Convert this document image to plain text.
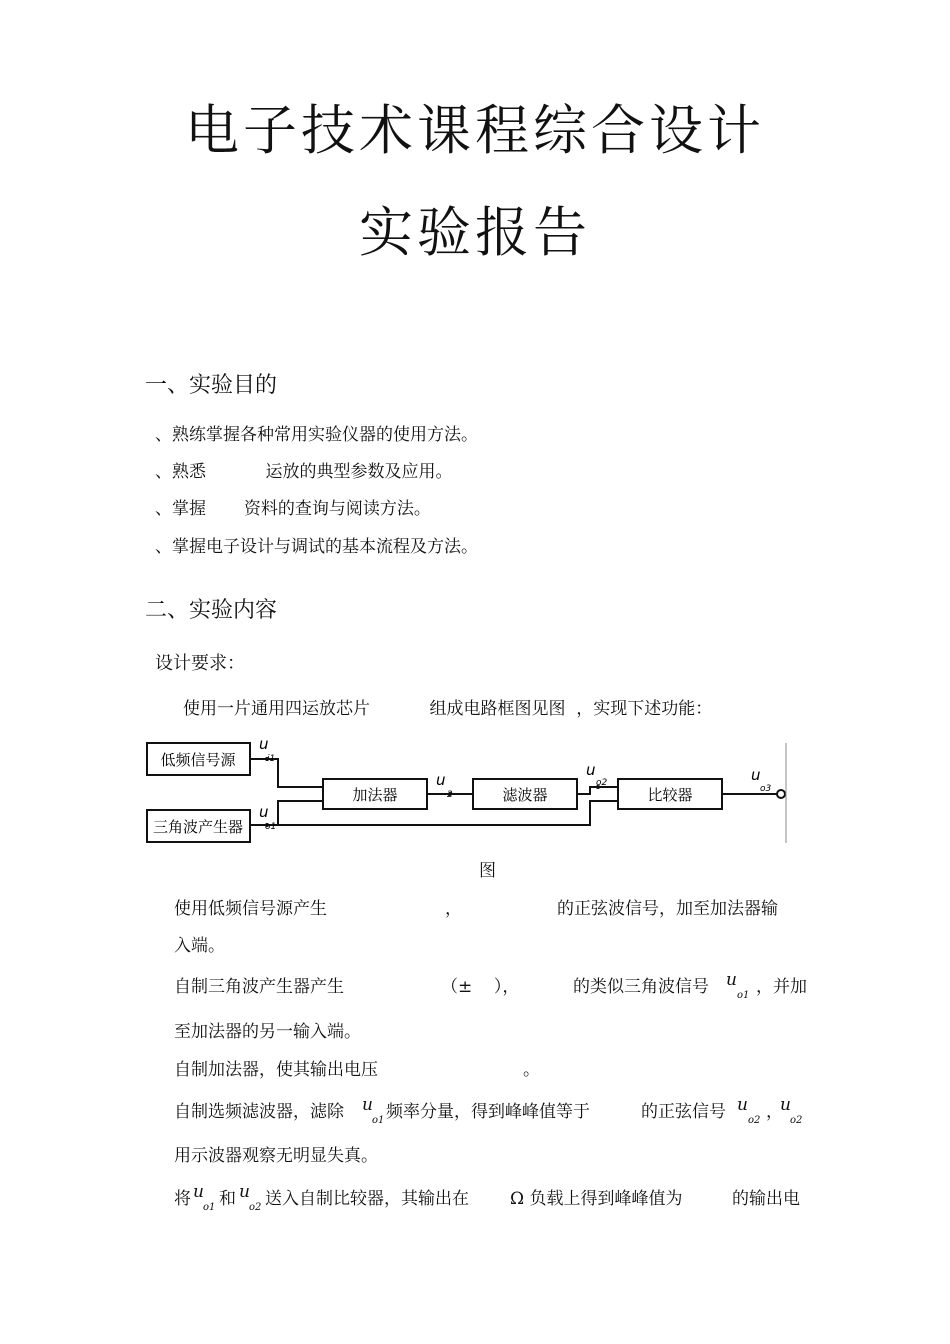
电子技术课程综合设计
实验报告
一、实验目的
、熟练掌握各种常用实验仪器的使用方法。
、熟悉           运放的典型参数及应用。
、掌握       资料的查询与阅读方法。
、掌握电子设计与调试的基本流程及方法。
二、实验内容
设计要求：
使用一片通用四运放芯片           组成电路框图见图  ，实现下述功能：
低频信号源
三角波产生器
加法器	滤波器	比较器
u
i1
u
o1
u
2
u
o2	u
o3
图
使用低频信号源产生	，	的正弦波信号，加至加法器输
入端。
自制三角波产生器产生	（±    ），	的类似三角波信号 u
o1 ，并加
至加法器的另一输入端。
自制加法器，使其输出电压	。
自制选频滤波器，滤除 u
o1 频率分量，得到峰峰值等于	的正弦信号 u
o2 ，
u
o2
用示波器观察无明显失真。
将 u
o1 和 u
o2 送入自制比较器，其输出在 Ω 负载上得到峰峰值为	的输出电
